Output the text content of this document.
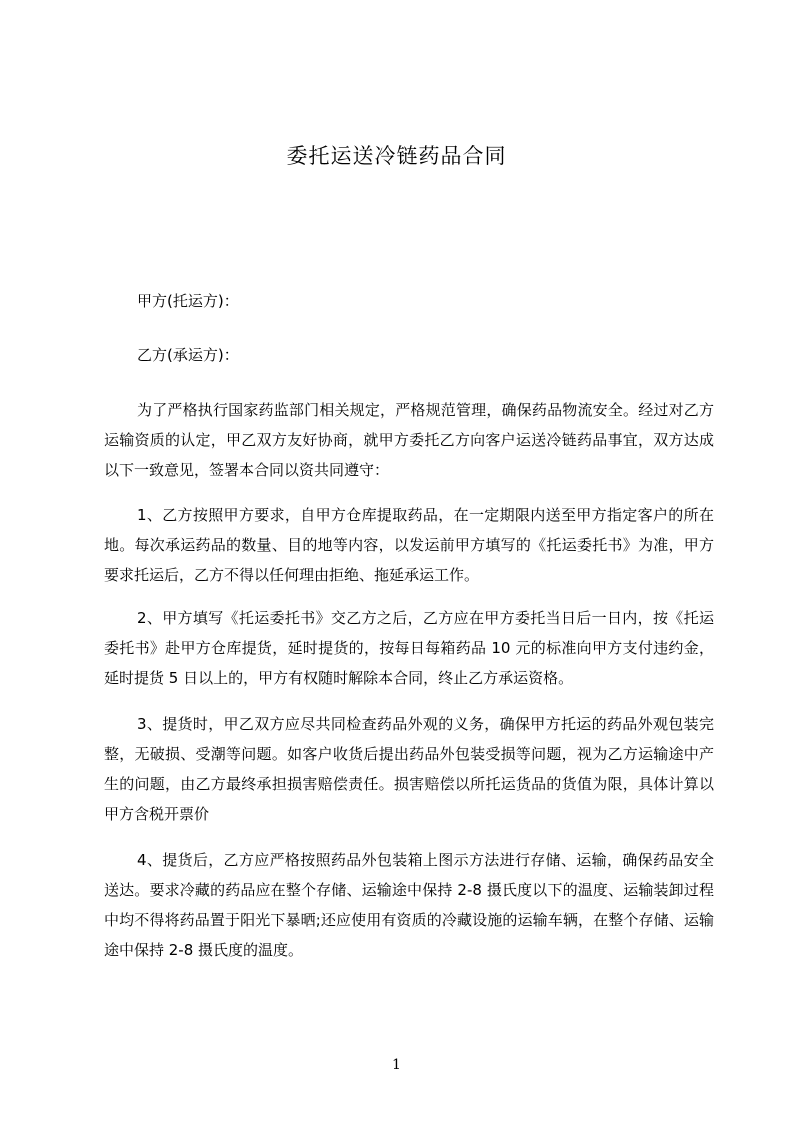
委托运送冷链药品合同
甲方(托运方)：
乙方(承运方)：
为了严格执行国家药监部门相关规定，严格规范管理，确保药品物流安全。经过对乙方运输资质的认定，甲乙双方友好协商，就甲方委托乙方向客户运送冷链药品事宜，双方达成以下一致意见，签署本合同以资共同遵守：
1、乙方按照甲方要求，自甲方仓库提取药品，在一定期限内送至甲方指定客户的所在地。每次承运药品的数量、目的地等内容，以发运前甲方填写的《托运委托书》为准，甲方要求托运后，乙方不得以任何理由拒绝、拖延承运工作。
2、甲方填写《托运委托书》交乙方之后，乙方应在甲方委托当日后一日内，按《托运委托书》赴甲方仓库提货，延时提货的，按每日每箱药品 10 元的标准向甲方支付违约金，延时提货 5 日以上的，甲方有权随时解除本合同，终止乙方承运资格。
3、提货时，甲乙双方应尽共同检查药品外观的义务，确保甲方托运的药品外观包装完整，无破损、受潮等问题。如客户收货后提出药品外包装受损等问题，视为乙方运输途中产生的问题，由乙方最终承担损害赔偿责任。损害赔偿以所托运货品的货值为限，具体计算以甲方含税开票价
4、提货后，乙方应严格按照药品外包装箱上图示方法进行存储、运输，确保药品安全送达。要求冷藏的药品应在整个存储、运输途中保持 2-8 摄氏度以下的温度、运输装卸过程中均不得将药品置于阳光下暴晒;还应使用有资质的冷藏设施的运输车辆，在整个存储、运输途中保持 2-8 摄氏度的温度。
1
